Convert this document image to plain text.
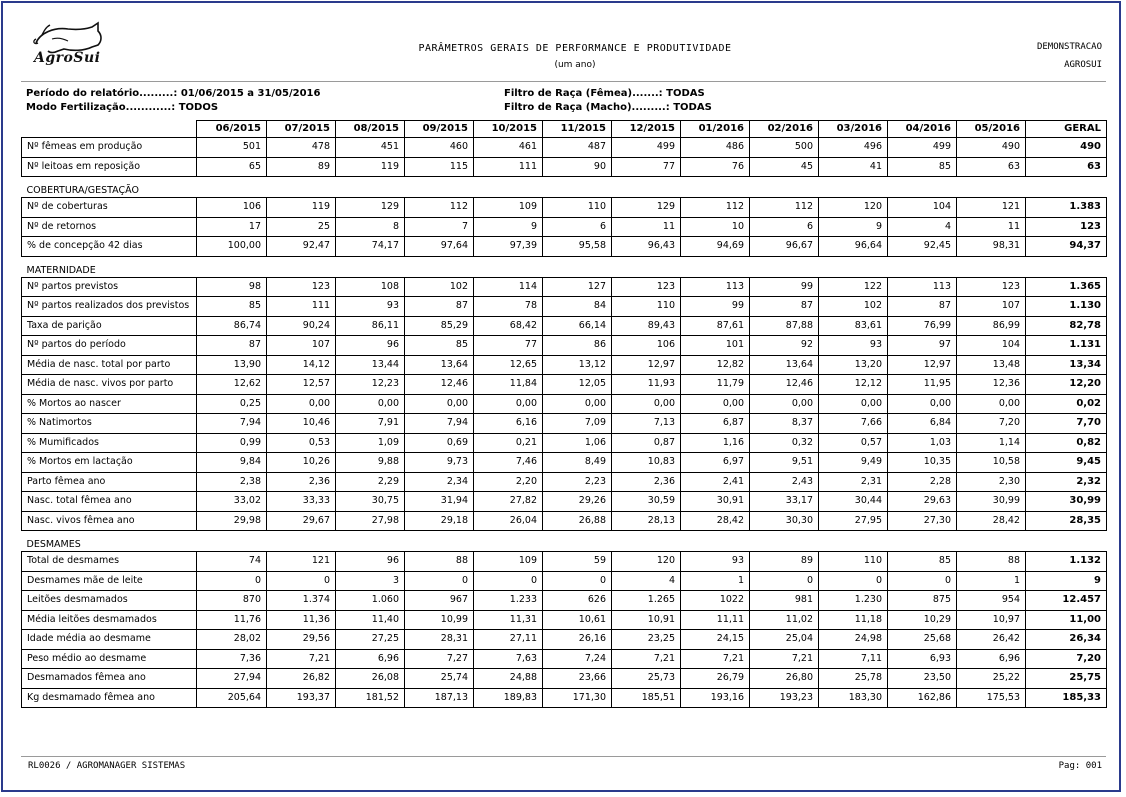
AgroSui
PARÂMETROS GERAIS DE PERFORMANCE E PRODUTIVIDADE
(um ano)
DEMONSTRACAO
AGROSUI
Período do relatório.........: 01/06/2015 a 31/05/2016
Modo Fertilização............: TODOS
Filtro de Raça (Fêmea).......: TODAS
Filtro de Raça (Macho).........: TODAS
	06/2015	07/2015	08/2015	09/2015	10/2015	11/2015	12/2015	01/2016	02/2016	03/2016	04/2016	05/2016	GERAL
Nº fêmeas em produção	501	478	451	460	461	487	499	486	500	496	499	490	490
Nº leitoas em reposição	65	89	119	115	111	90	77	76	45	41	85	63	63
COBERTURA/GESTAÇÃO													
Nº de coberturas	106	119	129	112	109	110	129	112	112	120	104	121	1.383
Nº de retornos	17	25	8	7	9	6	11	10	6	9	4	11	123
% de concepção 42 dias	100,00	92,47	74,17	97,64	97,39	95,58	96,43	94,69	96,67	96,64	92,45	98,31	94,37
MATERNIDADE													
Nº partos previstos	98	123	108	102	114	127	123	113	99	122	113	123	1.365
Nº partos realizados dos previstos	85	111	93	87	78	84	110	99	87	102	87	107	1.130
Taxa de parição	86,74	90,24	86,11	85,29	68,42	66,14	89,43	87,61	87,88	83,61	76,99	86,99	82,78
Nº partos do período	87	107	96	85	77	86	106	101	92	93	97	104	1.131
Média de nasc. total por parto	13,90	14,12	13,44	13,64	12,65	13,12	12,97	12,82	13,64	13,20	12,97	13,48	13,34
Média de nasc. vivos por parto	12,62	12,57	12,23	12,46	11,84	12,05	11,93	11,79	12,46	12,12	11,95	12,36	12,20
% Mortos ao nascer	0,25	0,00	0,00	0,00	0,00	0,00	0,00	0,00	0,00	0,00	0,00	0,00	0,02
% Natimortos	7,94	10,46	7,91	7,94	6,16	7,09	7,13	6,87	8,37	7,66	6,84	7,20	7,70
% Mumificados	0,99	0,53	1,09	0,69	0,21	1,06	0,87	1,16	0,32	0,57	1,03	1,14	0,82
% Mortos em lactação	9,84	10,26	9,88	9,73	7,46	8,49	10,83	6,97	9,51	9,49	10,35	10,58	9,45
Parto fêmea ano	2,38	2,36	2,29	2,34	2,20	2,23	2,36	2,41	2,43	2,31	2,28	2,30	2,32
Nasc. total fêmea ano	33,02	33,33	30,75	31,94	27,82	29,26	30,59	30,91	33,17	30,44	29,63	30,99	30,99
Nasc. vivos fêmea ano	29,98	29,67	27,98	29,18	26,04	26,88	28,13	28,42	30,30	27,95	27,30	28,42	28,35
DESMAMES													
Total de desmames	74	121	96	88	109	59	120	93	89	110	85	88	1.132
Desmames mãe de leite	0	0	3	0	0	0	4	1	0	0	0	1	9
Leitões desmamados	870	1.374	1.060	967	1.233	626	1.265	1022	981	1.230	875	954	12.457
Média leitões desmamados	11,76	11,36	11,40	10,99	11,31	10,61	10,91	11,11	11,02	11,18	10,29	10,97	11,00
Idade média ao desmame	28,02	29,56	27,25	28,31	27,11	26,16	23,25	24,15	25,04	24,98	25,68	26,42	26,34
Peso médio ao desmame	7,36	7,21	6,96	7,27	7,63	7,24	7,21	7,21	7,21	7,11	6,93	6,96	7,20
Desmamados fêmea ano	27,94	26,82	26,08	25,74	24,88	23,66	25,73	26,79	26,80	25,78	23,50	25,22	25,75
Kg desmamado fêmea ano	205,64	193,37	181,52	187,13	189,83	171,30	185,51	193,16	193,23	183,30	162,86	175,53	185,33
RL0026 / AGROMANAGER SISTEMAS	Pag: 001
